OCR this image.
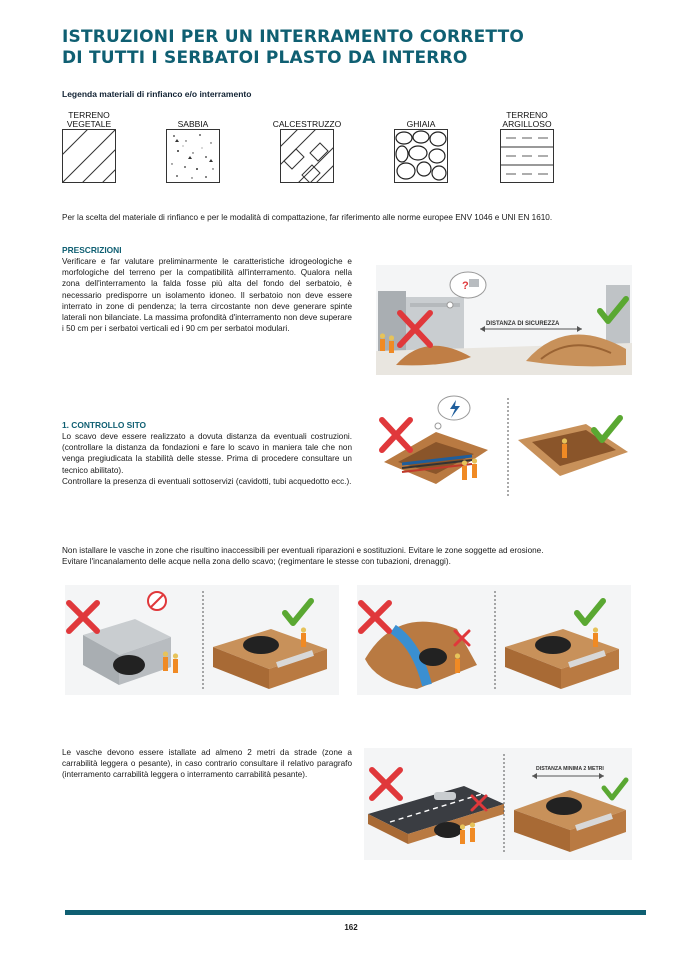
ISTRUZIONI PER UN INTERRAMENTO CORRETTO
DI TUTTI I SERBATOI PLASTO DA INTERRO
Legenda materiali di rinfianco e/o interramento
TERRENO VEGETALE	SABBIA	CALCESTRUZZO	GHIAIA
TERRENO ARGILLOSO
Per la scelta del materiale di rinfianco e per le modalità di compattazione, far riferimento alle norme europee ENV 1046 e UNI EN 1610.
PRESCRIZIONI
Verificare e far valutare preliminarmente le caratteristiche idrogeologiche e morfologiche del terreno per la compatibilità all'interramento. Qualora nella zona dell'interramento la falda fosse più alta del fondo del serbatoio, è necessario predisporre un isolamento idoneo. Il serbatoio non deve essere interrato in zone di pendenza; la terra circostante non deve generare spinte laterali non bilanciate. La massima profondità d'interramento non deve superare i 50 cm per i serbatoi verticali ed i 90 cm per serbatoi modulari.
?
DISTANZA DI SICUREZZA
1. CONTROLLO SITO
Lo scavo deve essere realizzato a dovuta distanza da eventuali costruzioni. (controllare la distanza da fondazioni e fare lo scavo in maniera tale che non venga pregiudicata la stabilità delle stesse. Prima di procedere consultare un tecnico abilitato).
Controllare la presenza di eventuali sottoservizi (cavidotti, tubi acquedotto ecc.).
Non istallare le vasche in zone che risultino inaccessibili per eventuali riparazioni e sostituzioni. Evitare le zone soggette ad erosione.
Evitare l'incanalamento delle acque nella zona dello scavo; (regimentare le stesse con tubazioni, drenaggi).
Le vasche devono essere istallate ad almeno 2 metri da strade (zone a carrabilità leggera o pesante), in caso contrario consultare il relativo paragrafo (interramento carrabilità leggera o interramento carrabilità pesante).
DISTANZA MINIMA 2 METRI
162
